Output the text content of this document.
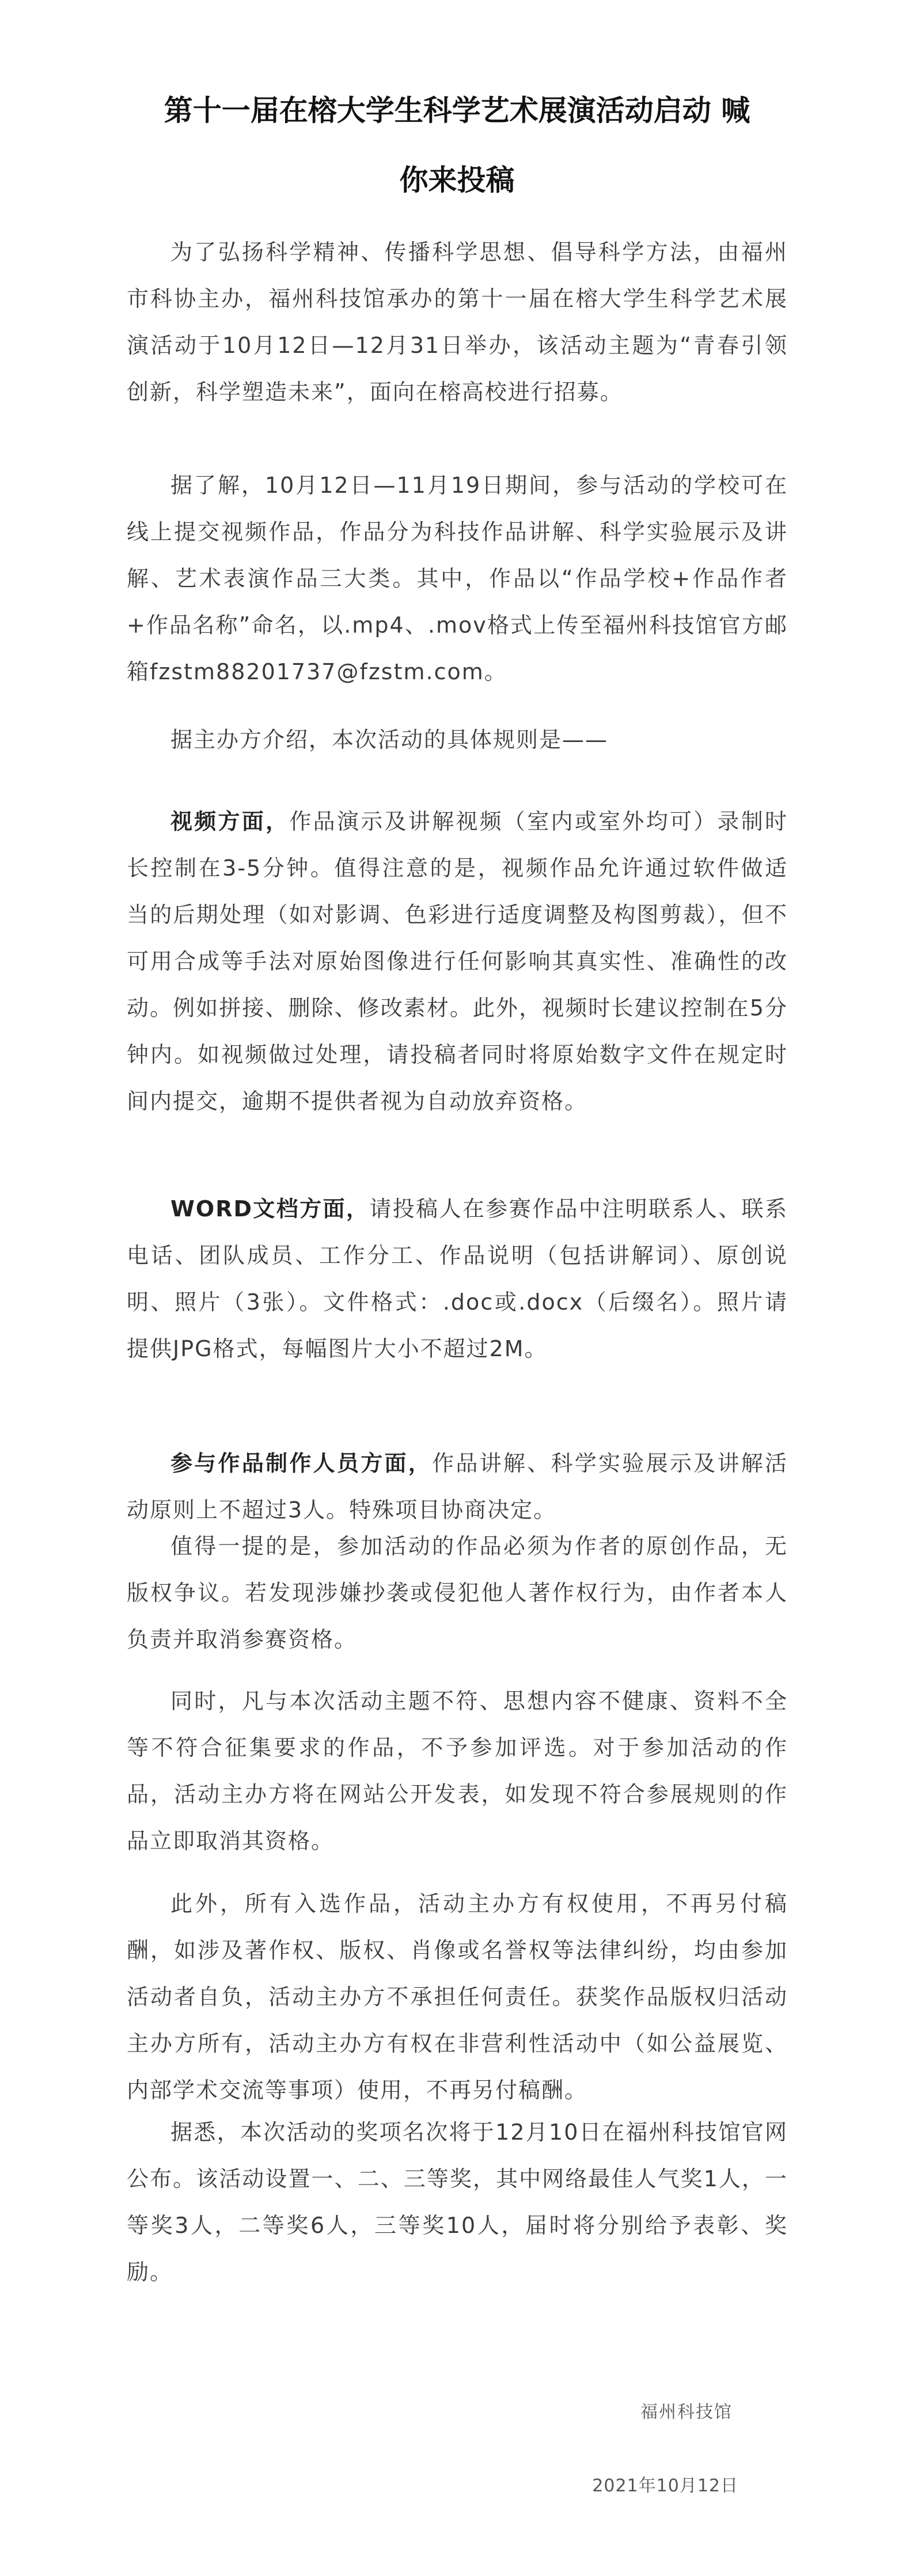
第十一届在榕大学生科学艺术展演活动启动 喊
你来投稿

为了弘扬科学精神、传播科学思想、倡导科学方法，由福州市科协主办，福州科技馆承办的第十一届在榕大学生科学艺术展演活动于10月12日—12月31日举办，该活动主题为“青春引领创新，科学塑造未来”，面向在榕高校进行招募。

据了解，10月12日—11月19日期间，参与活动的学校可在线上提交视频作品，作品分为科技作品讲解、科学实验展示及讲解、艺术表演作品三大类。其中，作品以“作品学校+作品作者+作品名称”命名，以.mp4、.mov格式上传至福州科技馆官方邮箱fzstm88201737@fzstm.com。

据主办方介绍，本次活动的具体规则是——

视频方面，作品演示及讲解视频（室内或室外均可）录制时长控制在3-5分钟。值得注意的是，视频作品允许通过软件做适当的后期处理（如对影调、色彩进行适度调整及构图剪裁），但不可用合成等手法对原始图像进行任何影响其真实性、准确性的改动。例如拼接、删除、修改素材。此外，视频时长建议控制在5分钟内。如视频做过处理，请投稿者同时将原始数字文件在规定时间内提交，逾期不提供者视为自动放弃资格。

WORD文档方面，请投稿人在参赛作品中注明联系人、联系电话、团队成员、工作分工、作品说明（包括讲解词）、原创说明、照片（3张）。文件格式：.doc或.docx（后缀名）。照片请提供JPG格式，每幅图片大小不超过2M。

参与作品制作人员方面，作品讲解、科学实验展示及讲解活动原则上不超过3人。特殊项目协商决定。

值得一提的是，参加活动的作品必须为作者的原创作品，无版权争议。若发现涉嫌抄袭或侵犯他人著作权行为，由作者本人负责并取消参赛资格。

同时，凡与本次活动主题不符、思想内容不健康、资料不全等不符合征集要求的作品，不予参加评选。对于参加活动的作品，活动主办方将在网站公开发表，如发现不符合参展规则的作品立即取消其资格。

此外，所有入选作品，活动主办方有权使用，不再另付稿酬，如涉及著作权、版权、肖像或名誉权等法律纠纷，均由参加活动者自负，活动主办方不承担任何责任。获奖作品版权归活动主办方所有，活动主办方有权在非营利性活动中（如公益展览、内部学术交流等事项）使用，不再另付稿酬。

据悉，本次活动的奖项名次将于12月10日在福州科技馆官网公布。该活动设置一、二、三等奖，其中网络最佳人气奖1人，一等奖3人，二等奖6人，三等奖10人，届时将分别给予表彰、奖励。

福州科技馆

2021年10月12日
